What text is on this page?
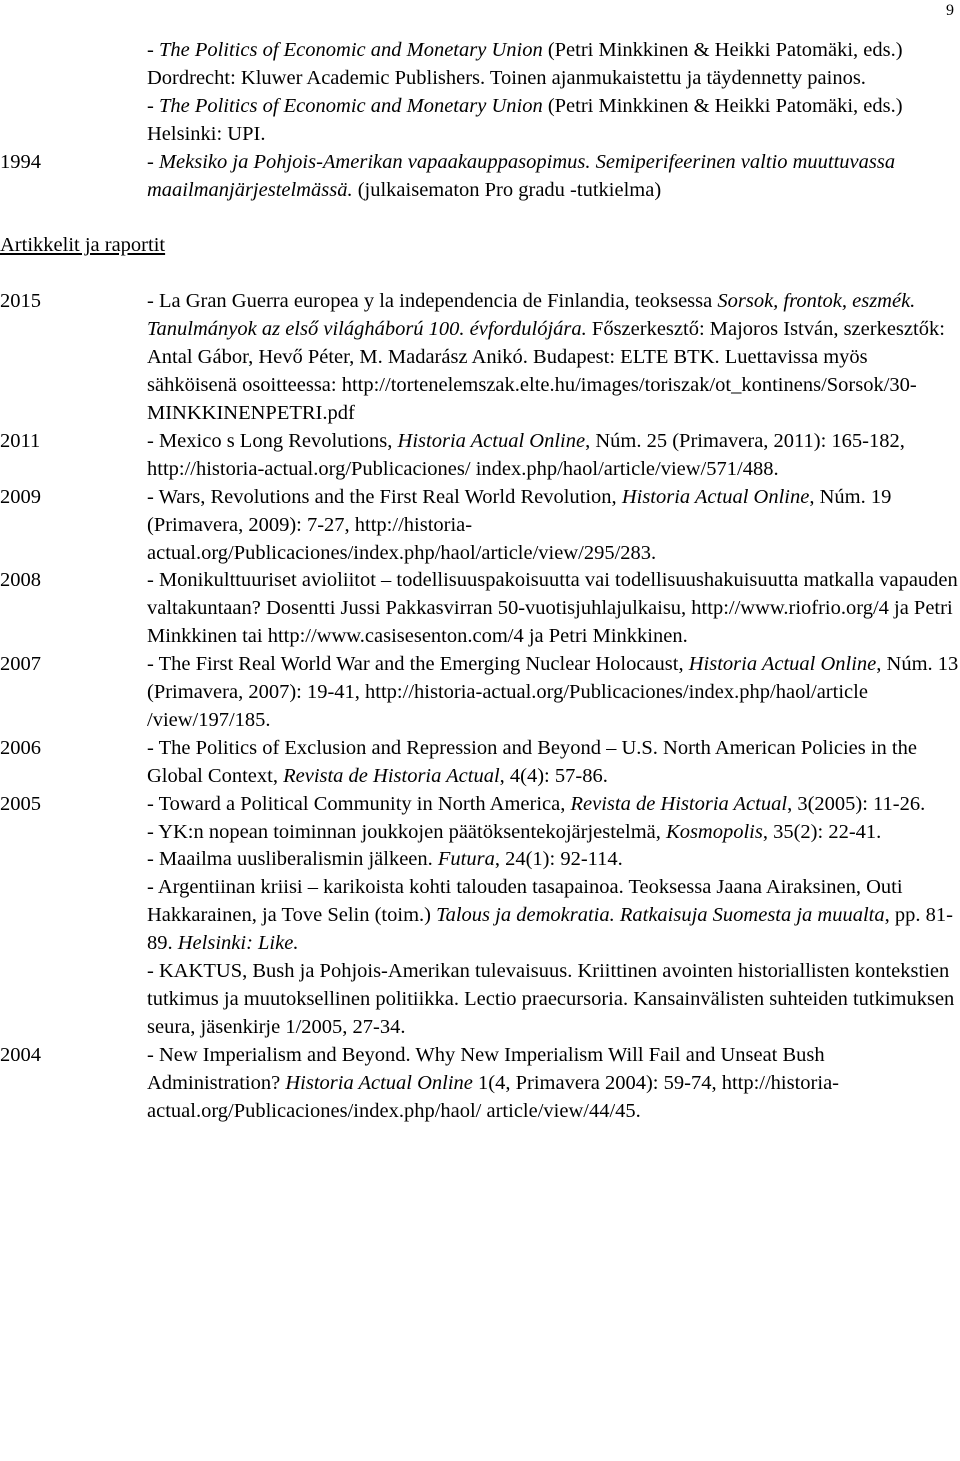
9
- The Politics of Economic and Monetary Union (Petri Minkkinen & Heikki Patomäki, eds.) Dordrecht: Kluwer Academic Publishers. Toinen ajanmukaistettu ja täydennetty painos.
- The Politics of Economic and Monetary Union (Petri Minkkinen & Heikki Patomäki, eds.) Helsinki: UPI.
1994	- Meksiko ja Pohjois-Amerikan vapaakauppasopimus. Semiperifeerinen valtio muuttuvassa maailmanjärjestelmässä. (julkaisematon Pro gradu -tutkielma)
Artikkelit ja raportit
2015	- La Gran Guerra europea y la independencia de Finlandia, teoksessa Sorsok, frontok, eszmék. Tanulmányok az első világháború 100. évfordulójára. Főszerkesztő: Majoros István, szerkesztők: Antal Gábor, Hevő Péter, M. Madarász Anikó. Budapest: ELTE BTK. Luettavissa myös sähköisenä osoitteessa: http://tortenelemszak.elte.hu/images/toriszak/ot_kontinens/Sorsok/30-MINKKINENPETRI.pdf
2011	- Mexico s Long Revolutions, Historia Actual Online, Núm. 25 (Primavera, 2011): 165-182, http://historia-actual.org/Publicaciones/ index.php/haol/article/view/571/488.
2009	- Wars, Revolutions and the First Real World Revolution, Historia Actual Online, Núm. 19 (Primavera, 2009): 7-27, http://historia-actual.org/Publicaciones/index.php/haol/article/view/295/283.
2008	- Monikulttuuriset avioliitot – todellisuuspakoisuutta vai todellisuushakuisuutta matkalla vapauden valtakuntaan? Dosentti Jussi Pakkasvirran 50-vuotisjuhlajulkaisu, http://www.riofrio.org/4 ja Petri Minkkinen tai http://www.casisesenton.com/4 ja Petri Minkkinen.
2007	- The First Real World War and the Emerging Nuclear Holocaust, Historia Actual Online, Núm. 13 (Primavera, 2007): 19-41, http://historia-actual.org/Publicaciones/index.php/haol/article /view/197/185.
2006	- The Politics of Exclusion and Repression and Beyond – U.S. North American Policies in the Global Context, Revista de Historia Actual, 4(4): 57-86.
2005	- Toward a Political Community in North America, Revista de Historia Actual, 3(2005): 11-26.
- YK:n nopean toiminnan joukkojen päätöksentekojärjestelmä, Kosmopolis, 35(2): 22-41.
- Maailma uusliberalismin jälkeen. Futura, 24(1): 92-114.
- Argentiinan kriisi – karikoista kohti talouden tasapainoa. Teoksessa Jaana Airaksinen, Outi Hakkarainen, ja Tove Selin (toim.) Talous ja demokratia. Ratkaisuja Suomesta ja muualta, pp. 81-89. Helsinki: Like.
- KAKTUS, Bush ja Pohjois-Amerikan tulevaisuus. Kriittinen avointen historiallisten kontekstien tutkimus ja muutoksellinen politiikka. Lectio praecursoria. Kansainvälisten suhteiden tutkimuksen seura, jäsenkirje 1/2005, 27-34.
2004	- New Imperialism and Beyond. Why New Imperialism Will Fail and Unseat Bush Administration? Historia Actual Online 1(4, Primavera 2004): 59-74, http://historia-actual.org/Publicaciones/index.php/haol/ article/view/44/45.
